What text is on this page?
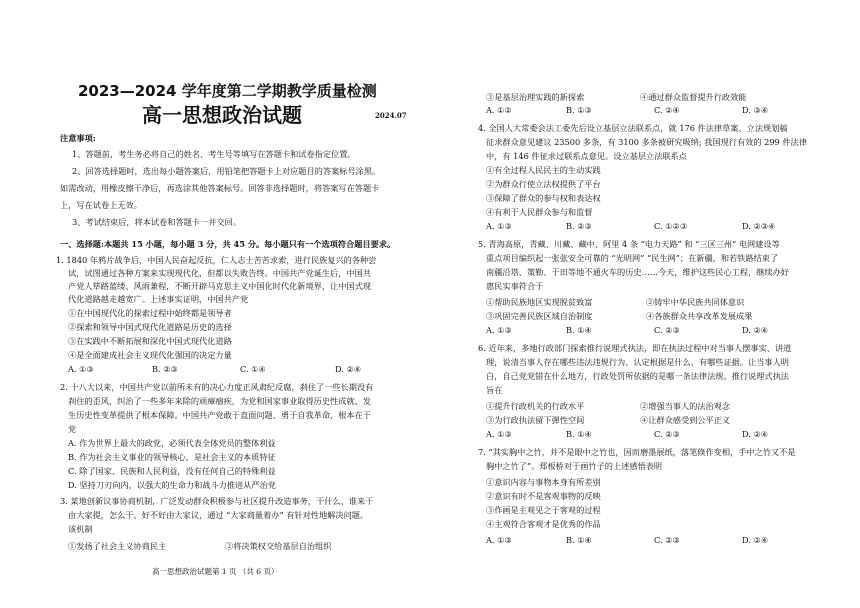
2023—2024 学年度第二学期教学质量检测
高一思想政治试题	2024.07
注意事项:
1、答题前，考生务必将自己的姓名、考生号等填写在答题卡和试卷指定位置。
2、回答选择题时，选出每小题答案后，用铅笔把答题卡上对应题目的答案标号涂黑。
如需改动，用橡皮擦干净后，再选涂其他答案标号。回答非选择题时，将答案写在答题卡
上，写在试卷上无效。
3、考试结束后，将本试卷和答题卡一并交回。
一、选择题:本题共 15 小题，每小题 3 分，共 45 分。每小题只有一个选项符合题目要求。
1. 1840 年鸦片战争后，中国人民奋起反抗，仁人志士苦苦求索，进行民族复兴的各种尝
试，试图通过各种方案来实现现代化，但都以失败告终。中国共产党诞生后，中国共
产党人筚路蓝缕、风雨兼程，不断开辟马克思主义中国化时代化新境界，让中国式现
代化道路越走越宽广。上述事实证明，中国共产党
①在中国现代化的探索过程中始终都是领导者
②探索和领导中国式现代化道路是历史的选择
③在实践中不断拓展和深化中国式现代化道路
④是全面建成社会主义现代化强国的决定力量
A. ①③	B. ②③	C. ①④	D. ②④
2. 十八大以来，中国共产党以前所未有的决心力度正风肃纪反腐，刹住了一些长期没有
刹住的歪风，纠治了一些多年来除的顽瘴痼疾，为党和国家事业取得历史性成就、发
生历史性变革提供了根本保障。中国共产党敢于直面问题、勇于自我革命，根本在于
党
A. 作为世界上最大的政党，必须代表全体党员的整体利益
B. 作为社会主义事业的领导核心，是社会主义的本质特征
C. 除了国家、民族和人民利益，没有任何自己的特殊利益
D. 坚持刀刃向内，以强大的生命力和战斗力推进从严治党
3. 某地创新议事协商机制，广泛发动群众积极参与社区提升改造事务，干什么、谁来干
由大家提，怎么干、好不好由大家议，通过 “大家商量着办” 有针对性地解决问题。
该机制
①发扬了社会主义协商民主	②将决策权交给基层自治组织
高一思想政治试题第 1 页 （共 6 页）
③是基层治理实践的新探索	④通过群众监督提升行政效能
A. ①②	B. ①③	C. ②④	D. ③④
4. 全国人大常委会法工委先后设立基层立法联系点，就 176 件法律草案、立法规划稿
征求群众意见建议 23500 多条，有 3100 多条被研究吸纳; 我国现行有效的 299 件法律
中，有 146 件征求过联系点意见。设立基层立法联系点
①有全过程人民民主的生动实践
②为群众行使立法权提供了平台
③保障了群众的参与权和表达权
④有利于人民群众参与和监督
A. ①③	B. ②③	C. ①②③	D. ②③④
5. 青海高原，青藏、川藏、藏中、阿里 4 条 “电力天路” 和 “三区三州” 电网建设等
重点项目编织起一张张安全可靠的 “光明网” “民生网”；在新疆，和若铁路结束了
南疆沿塔、策勒、于田等地不通火车的历史……今天，维护这些民心工程，继续办好
惠民实事符合于
①帮助民族地区实现脱贫致富	②铸牢中华民族共同体意识
③巩固完善民族区域自治制度	④各族群众共享改革发展成果
A. ①③	B. ①④	C. ②③	D. ②④
6. 近年来，多地行政部门探索推行说理式执法，即在执法过程中对当事人摆事实、讲道
理，说清当事人存在哪些违法违规行为、认定根据是什么、有哪些证据。让当事人明
白，自己党党错在什么地方，行政处罚所依据的是哪一条法律法规。推行说理式执法
旨在
①提升行政机关的行政水平	②增强当事人的法治观念
③为行政执法留下弹性空间	④让群众感受到公平正义
A. ①③	B. ①④	C. ②③	D. ②④
7. “其实胸中之竹，并不是眼中之竹也，因而磨墨展纸，落笔倏作变相，手中之竹又不是
胸中之竹了”。郑板桥对于画竹子的上述感悟表明
①意识内容与事物本身有所差别
②意识有时不是客观事物的反映
③作画是主观见之于客观的过程
④主观符合客观才是优秀的作品
A. ①③	B. ①④	C. ②③	D. ②④
